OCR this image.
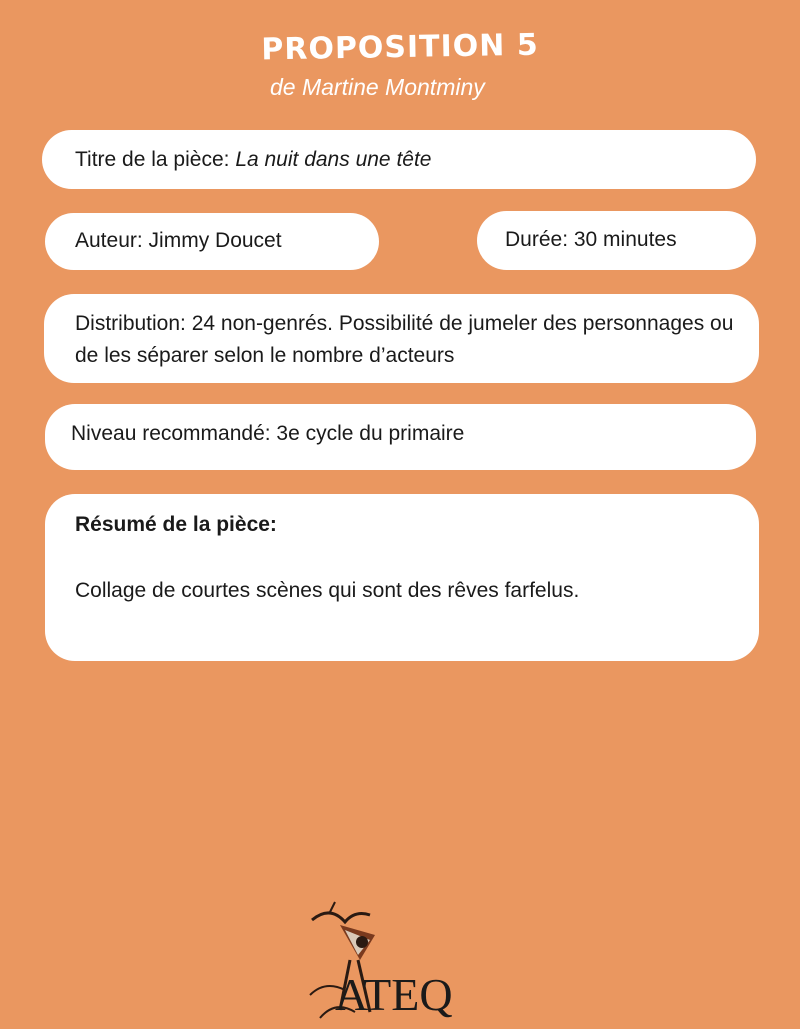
PROPOSITION 5
de Martine Montminy
Titre de la pièce: La nuit dans une tête
Auteur: Jimmy Doucet	Durée: 30 minutes
Distribution: 24 non-genrés. Possibilité de jumeler des personnages ou de les séparer selon le nombre d’acteurs
Niveau recommandé: 3e cycle du primaire
Résumé de la pièce:
Collage de courtes scènes qui sont des rêves farfelus.
ATEQ
